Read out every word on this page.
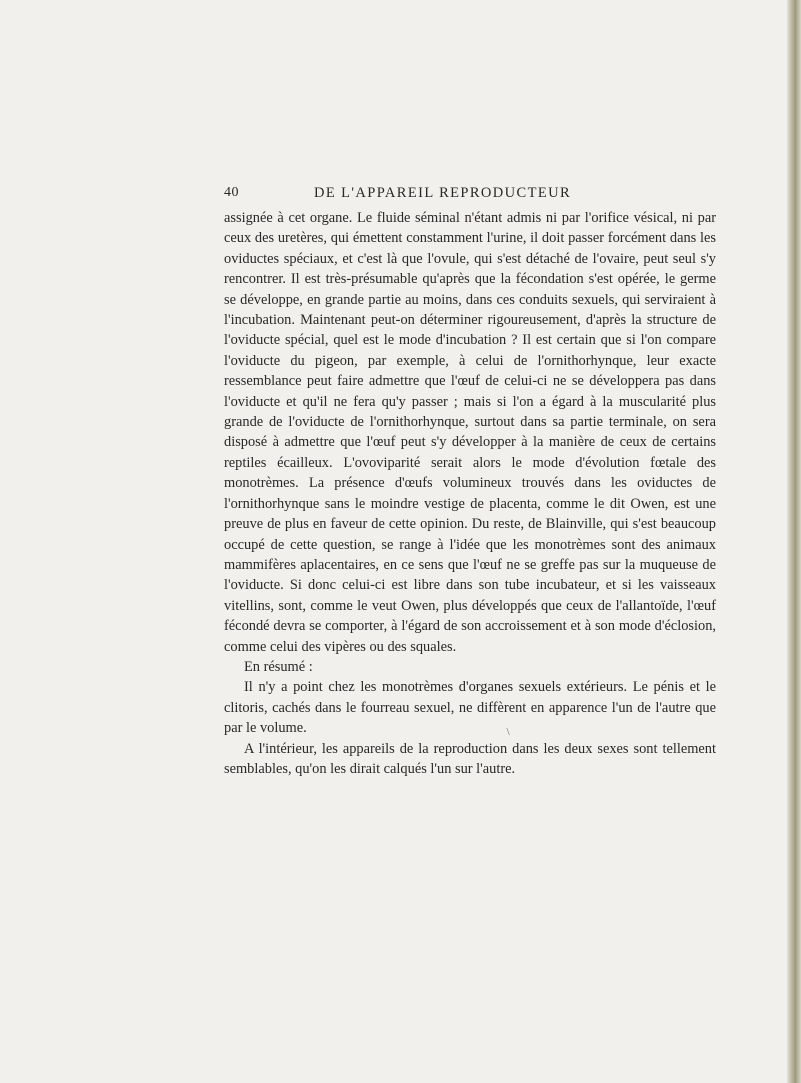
40	DE L'APPAREIL REPRODUCTEUR

assignée à cet organe. Le fluide séminal n'étant admis ni par l'orifice vésical, ni par ceux des uretères, qui émettent constamment l'urine, il doit passer forcément dans les oviductes spéciaux, et c'est là que l'ovule, qui s'est détaché de l'ovaire, peut seul s'y rencontrer. Il est très-présumable qu'après que la fécondation s'est opérée, le germe se développe, en grande partie au moins, dans ces conduits sexuels, qui serviraient à l'incubation. Maintenant peut-on déterminer rigoureusement, d'après la structure de l'oviducte spécial, quel est le mode d'incubation ? Il est certain que si l'on compare l'oviducte du pigeon, par exemple, à celui de l'ornithorhynque, leur exacte ressemblance peut faire admettre que l'œuf de celui-ci ne se développera pas dans l'oviducte et qu'il ne fera qu'y passer ; mais si l'on a égard à la muscularité plus grande de l'oviducte de l'ornithorhynque, surtout dans sa partie terminale, on sera disposé à admettre que l'œuf peut s'y développer à la manière de ceux de certains reptiles écailleux. L'ovoviparité serait alors le mode d'évolution fœtale des monotrèmes. La présence d'œufs volumineux trouvés dans les oviductes de l'ornithorhynque sans le moindre vestige de placenta, comme le dit Owen, est une preuve de plus en faveur de cette opinion. Du reste, de Blainville, qui s'est beaucoup occupé de cette question, se range à l'idée que les monotrèmes sont des animaux mammifères aplacentaires, en ce sens que l'œuf ne se greffe pas sur la muqueuse de l'oviducte. Si donc celui-ci est libre dans son tube incubateur, et si les vaisseaux vitellins, sont, comme le veut Owen, plus développés que ceux de l'allantoïde, l'œuf fécondé devra se comporter, à l'égard de son accroissement et à son mode d'éclosion, comme celui des vipères ou des squales.

En résumé :

Il n'y a point chez les monotrèmes d'organes sexuels extérieurs. Le pénis et le clitoris, cachés dans le fourreau sexuel, ne diffèrent en apparence l'un de l'autre que par le volume.

A l'intérieur, les appareils de la reproduction dans les deux sexes sont tellement semblables, qu'on les dirait calqués l'un sur l'autre.

/
